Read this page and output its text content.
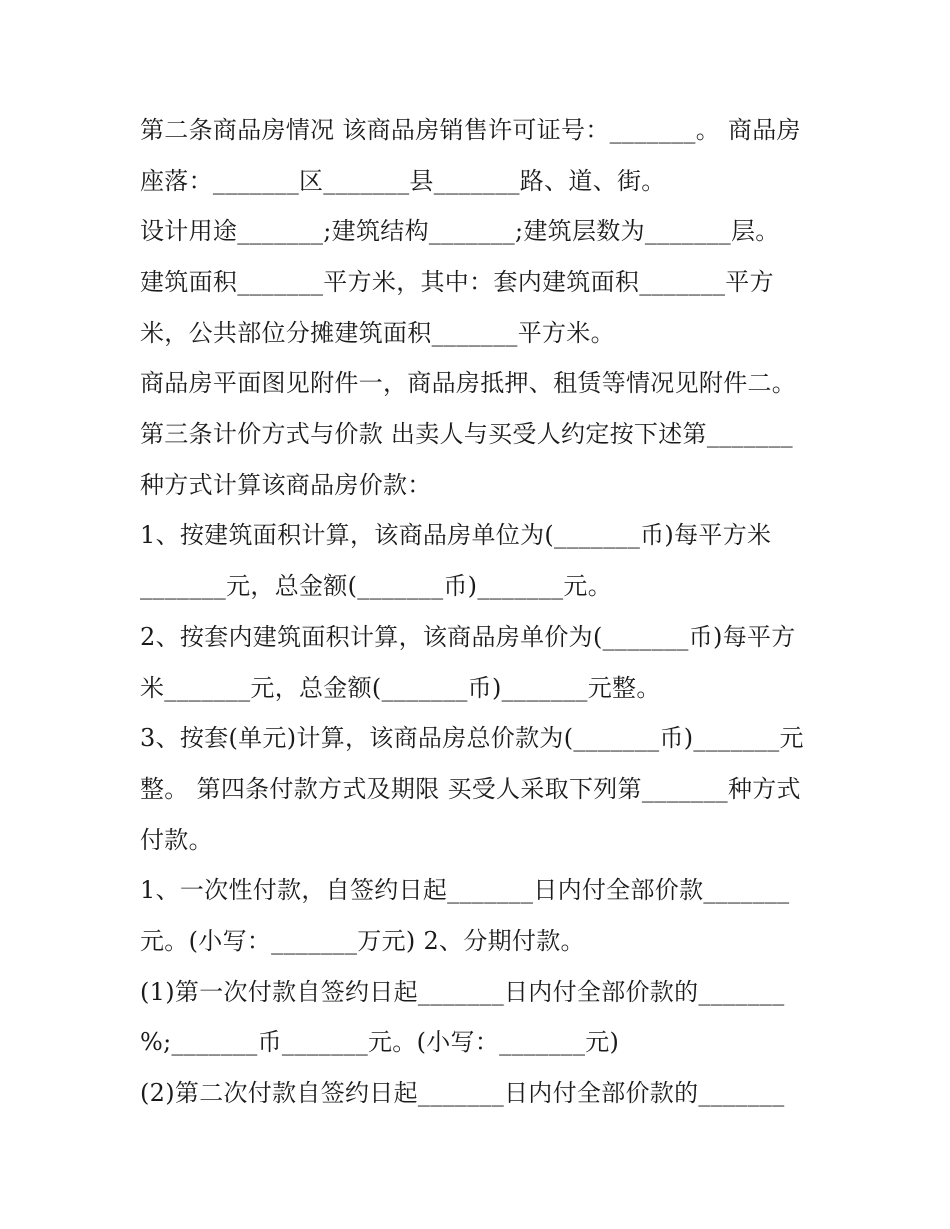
第二条商品房情况 该商品房销售许可证号：_______。 商品房
座落：_______区_______县_______路、道、街。
设计用途_______;建筑结构_______;建筑层数为_______层。
建筑面积_______平方米，其中：套内建筑面积_______平方
米，公共部位分摊建筑面积_______平方米。
商品房平面图见附件一，商品房抵押、租赁等情况见附件二。
第三条计价方式与价款 出卖人与买受人约定按下述第_______
种方式计算该商品房价款：
1、按建筑面积计算，该商品房单位为(_______币)每平方米
_______元，总金额(_______币)_______元。
2、按套内建筑面积计算，该商品房单价为(_______币)每平方
米_______元，总金额(_______币)_______元整。
3、按套(单元)计算，该商品房总价款为(_______币)_______元
整。 第四条付款方式及期限 买受人采取下列第_______种方式
付款。
1、一次性付款，自签约日起_______日内付全部价款_______
元。(小写：_______万元) 2、分期付款。
(1)第一次付款自签约日起_______日内付全部价款的_______
%;_______币_______元。(小写：_______元)
(2)第二次付款自签约日起_______日内付全部价款的_______
